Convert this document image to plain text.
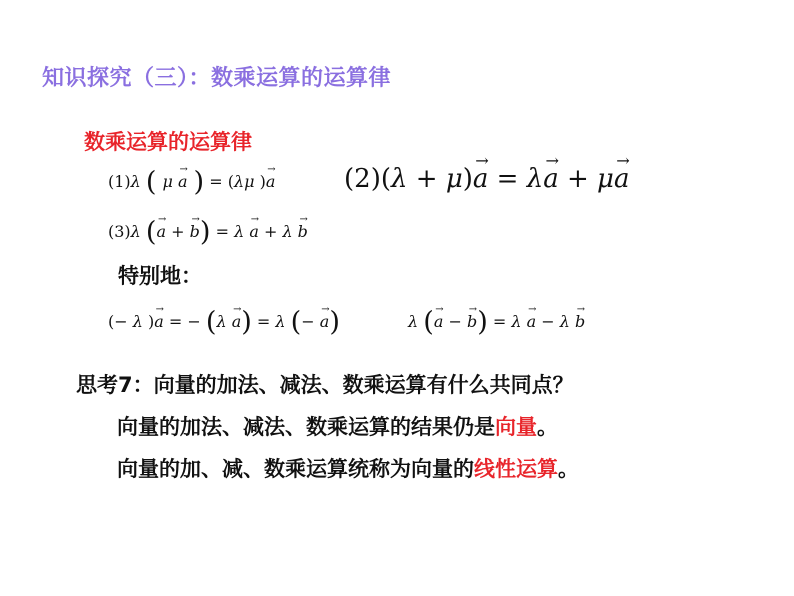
知识探究（三）：数乘运算的运算律
数乘运算的运算律
(1)λ ( μ a → ) = (λμ )a →	(2)(λ + μ)a → = λa → + μa →
(3)λ (a → + b →) = λ a → + λ b →
特别地：
(− λ )a → = − (λ a →) = λ (− a →)	λ (a → − b →) = λ a → − λ b →
思考7：向量的加法、减法、数乘运算有什么共同点？
向量的加法、减法、数乘运算的结果仍是向量。
向量的加、减、数乘运算统称为向量的线性运算。
